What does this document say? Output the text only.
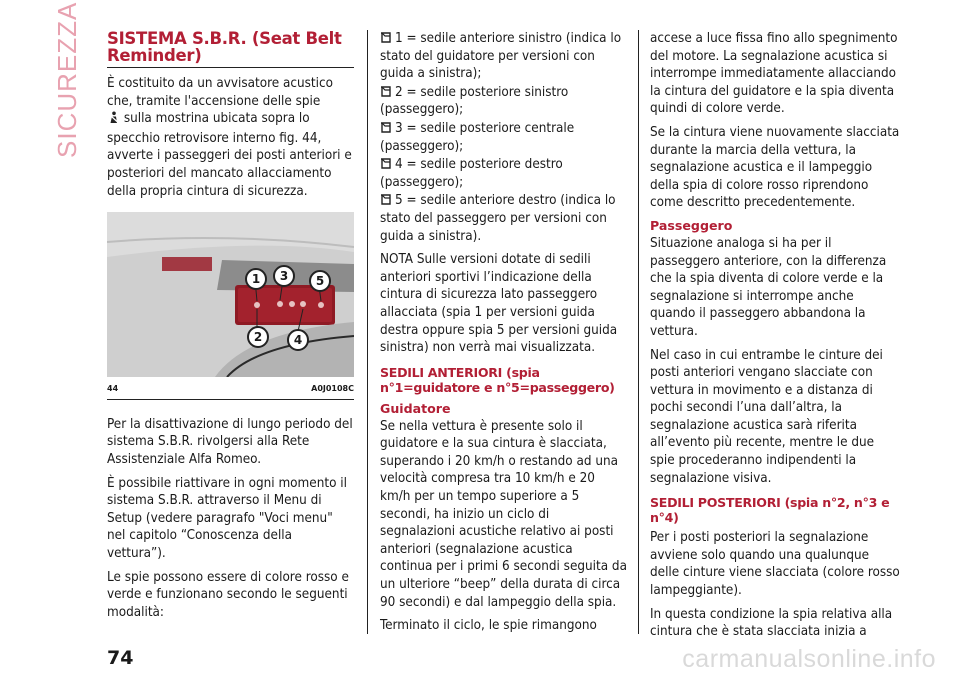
SICUREZZA SISTEMA S.B.R. (Seat Belt Reminder)

È costituito da un avvisatore acustico che, tramite l'accensione delle spie
sulla mostrina ubicata sopra lo specchio retrovisore interno fig. 44, avverte i passeggeri dei posti anteriori e posteriori del mancato allacciamento della propria cintura di sicurezza.

1
2
3
4
5
44	A0J0108C

Per la disattivazione di lungo periodo del sistema S.B.R. rivolgersi alla Rete Assistenziale Alfa Romeo.

È possibile riattivare in ogni momento il sistema S.B.R. attraverso il Menu di Setup (vedere paragrafo "Voci menu" nel capitolo “Conoscenza della vettura”).

Le spie possono essere di colore rosso e verde e funzionano secondo le seguenti modalità:

1 = sedile anteriore sinistro (indica lo stato del guidatore per versioni con guida a sinistra);
2 = sedile posteriore sinistro (passeggero);
3 = sedile posteriore centrale (passeggero);
4 = sedile posteriore destro (passeggero);
5 = sedile anteriore destro (indica lo stato del passeggero per versioni con guida a sinistra).

NOTA Sulle versioni dotate di sedili anteriori sportivi l’indicazione della cintura di sicurezza lato passeggero allacciata (spia 1 per versioni guida destra oppure spia 5 per versioni guida sinistra) non verrà mai visualizzata.

SEDILI ANTERIORI (spia n°1=guidatore e n°5=passeggero)
Guidatore

Se nella vettura è presente solo il guidatore e la sua cintura è slacciata, superando i 20 km/h o restando ad una velocità compresa tra 10 km/h e 20 km/h per un tempo superiore a 5 secondi, ha inizio un ciclo di segnalazioni acustiche relativo ai posti anteriori (segnalazione acustica continua per i primi 6 secondi seguita da un ulteriore “beep” della durata di circa 90 secondi) e dal lampeggio della spia.

Terminato il ciclo, le spie rimangono

accese a luce fissa fino allo spegnimento del motore. La segnalazione acustica si interrompe immediatamente allacciando la cintura del guidatore e la spia diventa quindi di colore verde.

Se la cintura viene nuovamente slacciata durante la marcia della vettura, la segnalazione acustica e il lampeggio della spia di colore rosso riprendono come descritto precedentemente.

Passeggero

Situazione analoga si ha per il passeggero anteriore, con la differenza che la spia diventa di colore verde e la segnalazione si interrompe anche quando il passeggero abbandona la vettura.

Nel caso in cui entrambe le cinture dei posti anteriori vengano slacciate con vettura in movimento e a distanza di pochi secondi l’una dall’altra, la segnalazione acustica sarà riferita all’evento più recente, mentre le due spie procederanno indipendenti la segnalazione visiva.

SEDILI POSTERIORI (spia n°2, n°3 e n°4)

Per i posti posteriori la segnalazione avviene solo quando una qualunque delle cinture viene slacciata (colore rosso lampeggiante).

In questa condizione la spia relativa alla cintura che è stata slacciata inizia a

74	carmanualsonline.info
